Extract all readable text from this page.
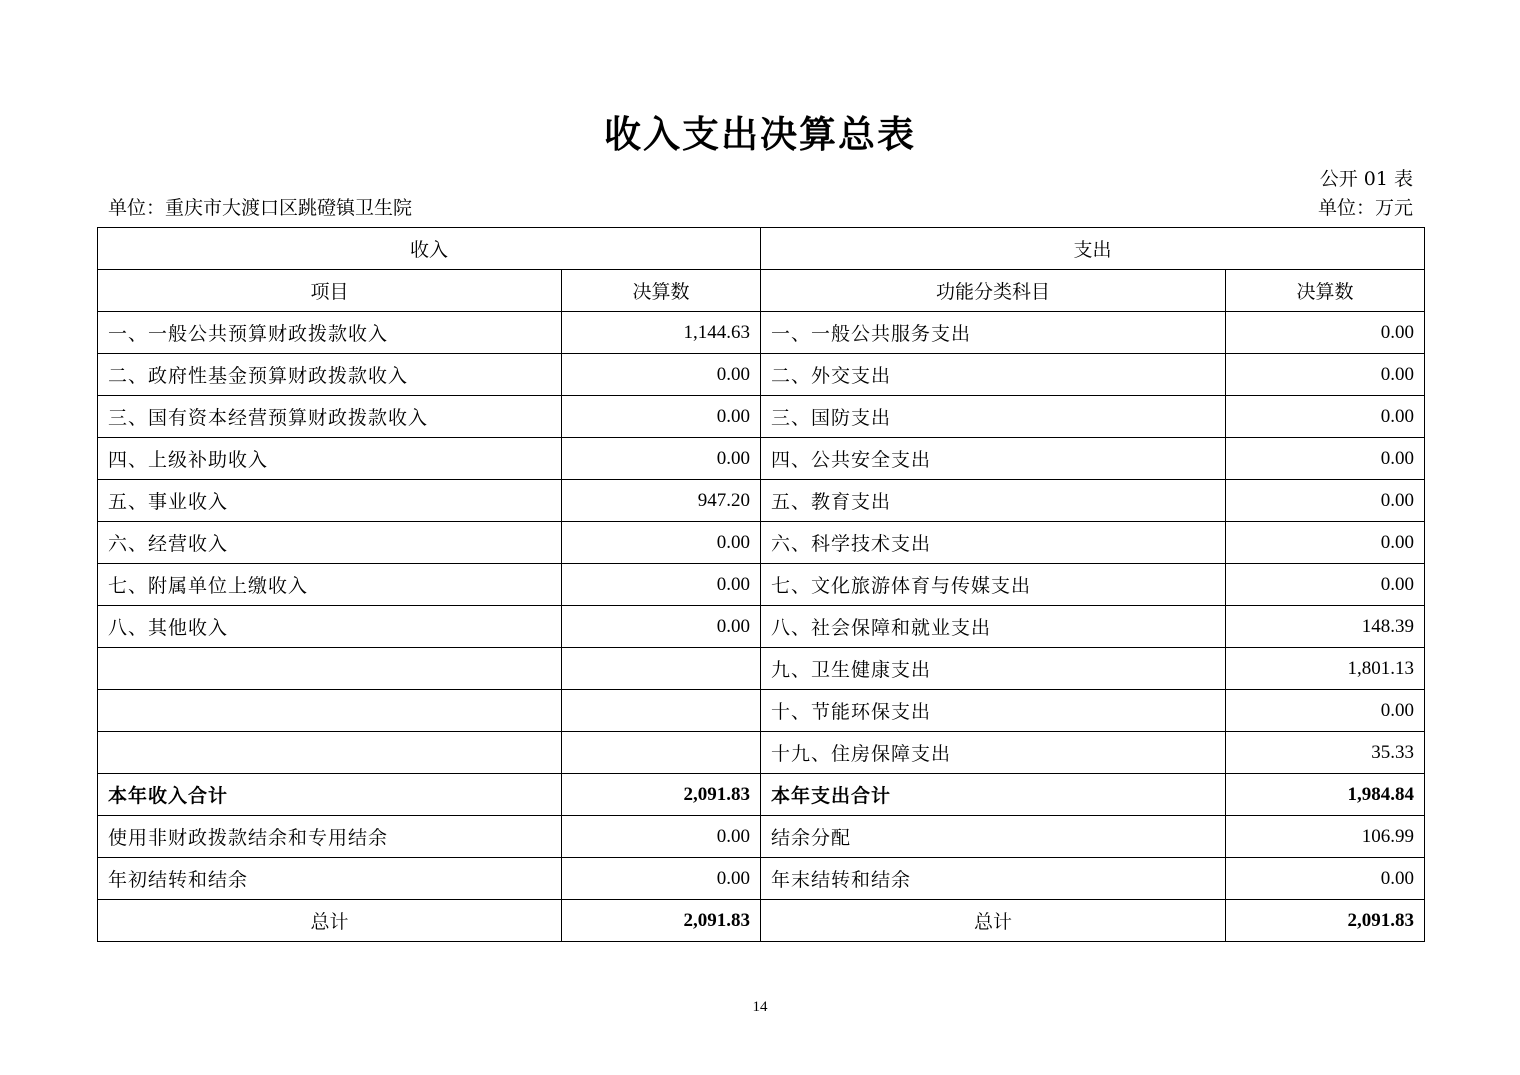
收入支出决算总表
公开 01 表
单位：重庆市大渡口区跳磴镇卫生院	单位：万元
收入		支出	
项目	决算数	功能分类科目	决算数
一、一般公共预算财政拨款收入	1,144.63	一、一般公共服务支出	0.00
二、政府性基金预算财政拨款收入	0.00	二、外交支出	0.00
三、国有资本经营预算财政拨款收入	0.00	三、国防支出	0.00
四、上级补助收入	0.00	四、公共安全支出	0.00
五、事业收入	947.20	五、教育支出	0.00
六、经营收入	0.00	六、科学技术支出	0.00
七、附属单位上缴收入	0.00	七、文化旅游体育与传媒支出	0.00
八、其他收入	0.00	八、社会保障和就业支出	148.39
		九、卫生健康支出	1,801.13
		十、节能环保支出	0.00
		十九、住房保障支出	35.33
本年收入合计	2,091.83	本年支出合计	1,984.84
使用非财政拨款结余和专用结余	0.00	结余分配	106.99
年初结转和结余	0.00	年末结转和结余	0.00
总计	2,091.83	总计	2,091.83
14
